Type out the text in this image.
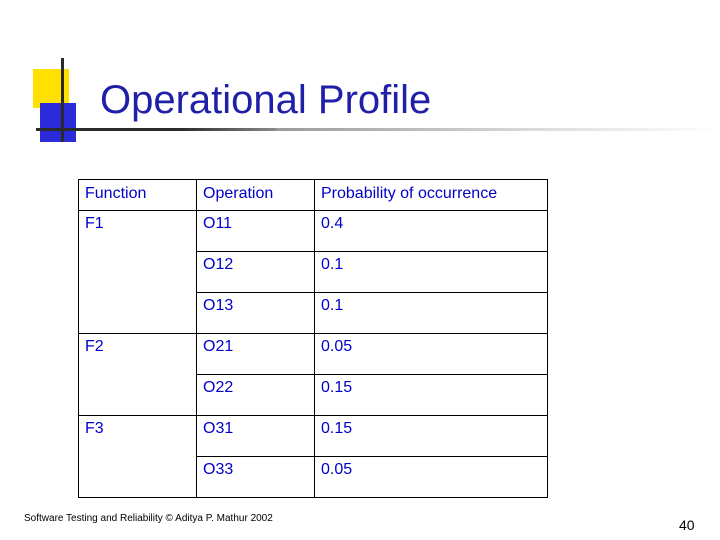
Operational Profile
Function	Operation	Probability of occurrence
F1	O11	0.4
	O12	0.1
	O13	0.1
F2	O21	0.05
	O22	0.15
F3	O31	0.15
	O33	0.05
Software Testing and Reliability © Aditya P. Mathur 2002	40
